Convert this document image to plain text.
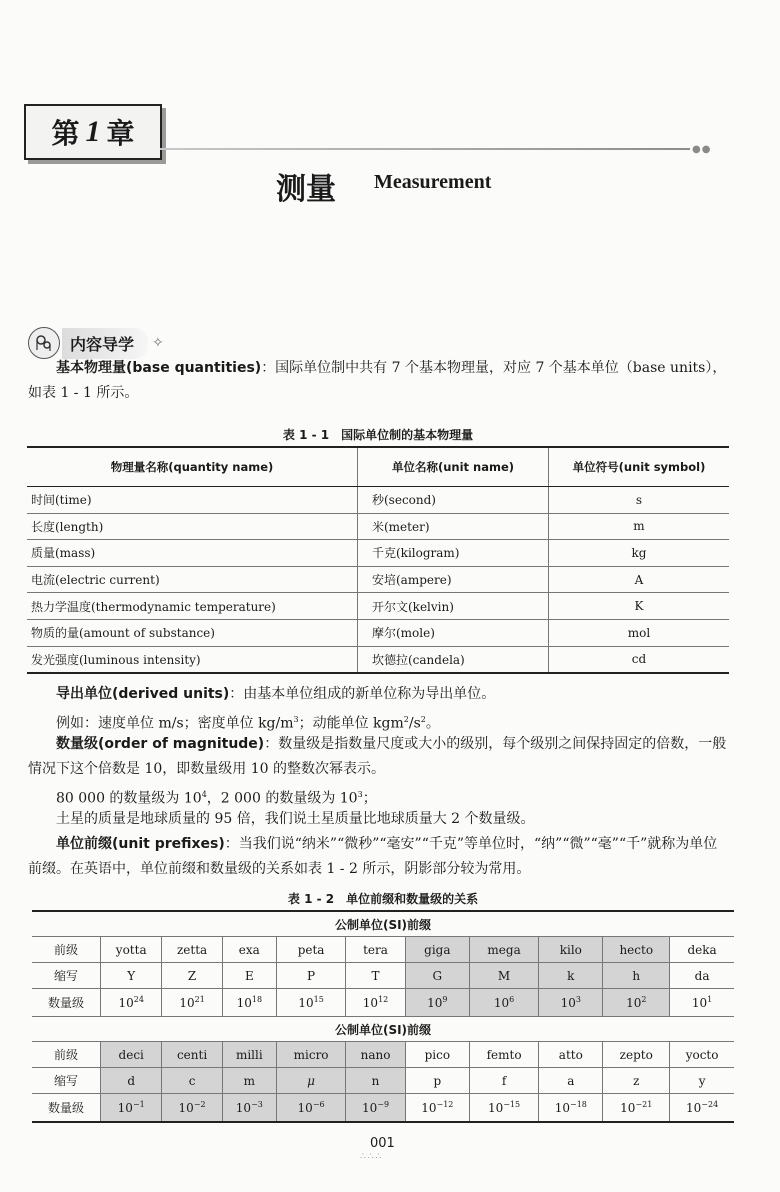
第 1 章	●●
测量 Measurement
内容导学	✧
基本物理量(base quantities)：国际单位制中共有 7 个基本物理量，对应 7 个基本单位（base units），如表 1 - 1 所示。
表 1 - 1　国际单位制的基本物理量
物理量名称(quantity name)	单位名称(unit name)	单位符号(unit symbol)
时间(time)	秒(second)	s
长度(length)	米(meter)	m
质量(mass)	千克(kilogram)	kg
电流(electric current)	安培(ampere)	A
热力学温度(thermodynamic temperature)	开尔文(kelvin)	K
物质的量(amount of substance)	摩尔(mole)	mol
发光强度(luminous intensity)	坎德拉(candela)	cd
导出单位(derived units)：由基本单位组成的新单位称为导出单位。
例如：速度单位 m/s；密度单位 $kg/m^3$；动能单位 $kgm^2/s^2$。
数量级(order of magnitude)：数量级是指数量尺度或大小的级别，每个级别之间保持固定的倍数，一般情况下这个倍数是 10，即数量级用 10 的整数次幂表示。
80 000 的数量级为 $10^4$，2 000 的数量级为 $10^3$；
土星的质量是地球质量的 95 倍，我们说土星质量比地球质量大 2 个数量级。
单位前缀(unit prefixes)：当我们说“纳米”“微秒”“毫安”“千克”等单位时，“纳”“微”“毫”“千”就称为单位前缀。在英语中，单位前缀和数量级的关系如表 1 - 2 所示，阴影部分较为常用。
表 1 - 2　单位前缀和数量级的关系
公制单位(SI)前缀										
前级	yotta	zetta	exa	peta	tera	giga	mega	kilo	hecto	deka
缩写	Y	Z	E	P	T	G	M	k	h	da
数量级	$10^{24}$	$10^{21}$	$10^{18}$	$10^{15}$	$10^{12}$	$10^9$	$10^6$	$10^3$	$10^2$	$10^1$
公制单位(SI)前缀										
前级	deci	centi	milli	micro	nano	pico	femto	atto	zepto	yocto
缩写	d	c	m	μ	n	p	f	a	z	y
数量级	$10^{-1}$	$10^{-2}$	$10^{-3}$	$10^{-6}$	$10^{-9}$	$10^{-12}$	$10^{-15}$	$10^{-18}$	$10^{-21}$	$10^{-24}$
001
∴∴∴
